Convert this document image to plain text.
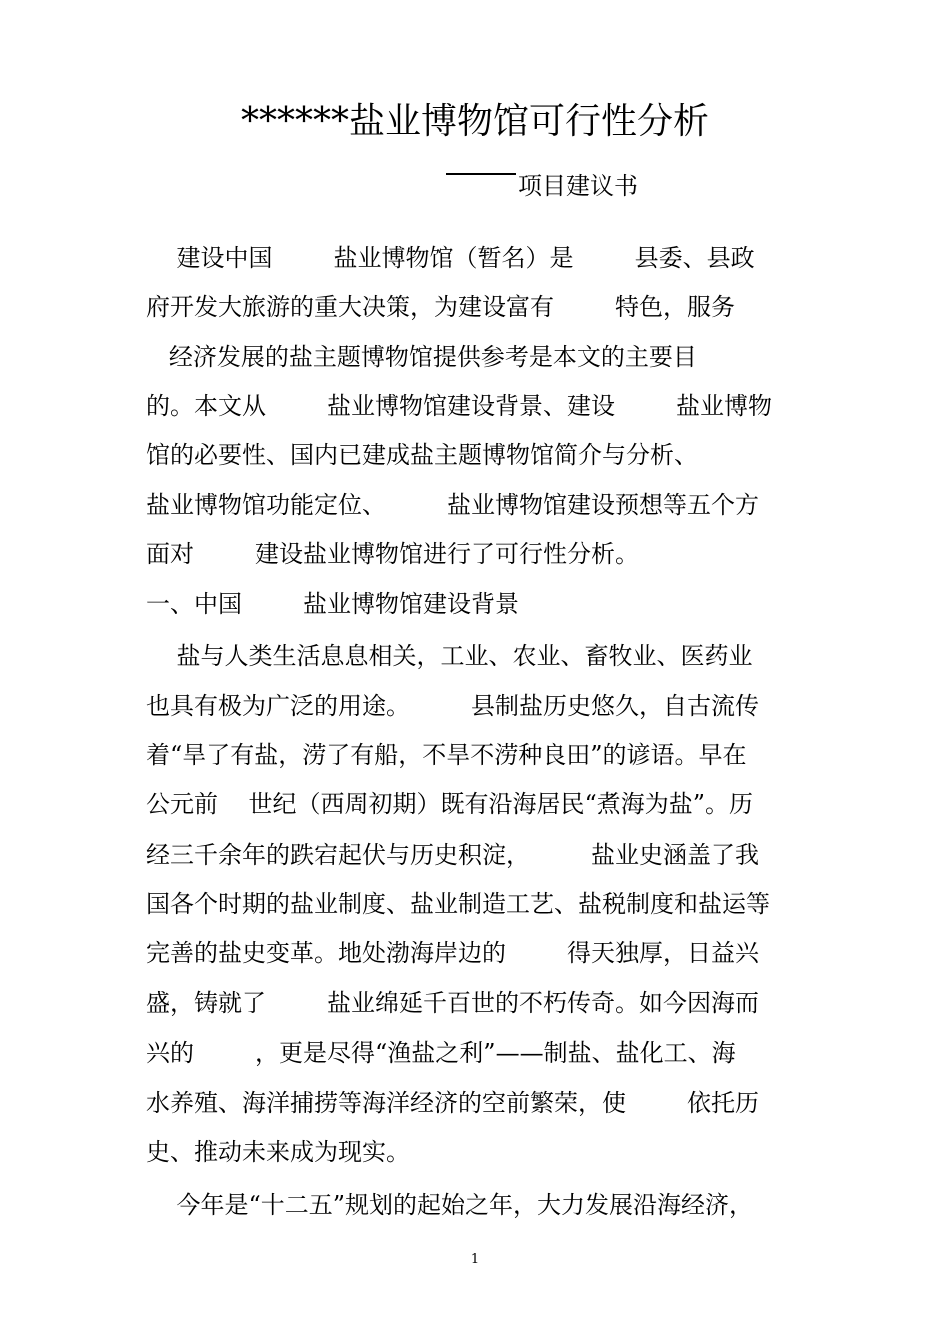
******盐业博物馆可行性分析
项目建议书
建设中国        盐业博物馆（暂名）是        县委、县政
府开发大旅游的重大决策，为建设富有        特色，服务
经济发展的盐主题博物馆提供参考是本文的主要目
的。本文从        盐业博物馆建设背景、建设        盐业博物
馆的必要性、国内已建成盐主题博物馆简介与分析、
盐业博物馆功能定位、        盐业博物馆建设预想等五个方
面对        建设盐业博物馆进行了可行性分析。
一、中国        盐业博物馆建设背景
盐与人类生活息息相关，工业、农业、畜牧业、医药业
也具有极为广泛的用途。        县制盐历史悠久，自古流传
着“旱了有盐，涝了有船，不旱不涝种良田”的谚语。早在
公元前    世纪（西周初期）既有沿海居民“煮海为盐”。历
经三千余年的跌宕起伏与历史积淀，        盐业史涵盖了我
国各个时期的盐业制度、盐业制造工艺、盐税制度和盐运等
完善的盐史变革。地处渤海岸边的        得天独厚，日益兴
盛，铸就了        盐业绵延千百世的不朽传奇。如今因海而
兴的        ，更是尽得“渔盐之利”——制盐、盐化工、海
水养殖、海洋捕捞等海洋经济的空前繁荣，使        依托历
史、推动未来成为现实。
今年是“十二五”规划的起始之年，大力发展沿海经济，
1
